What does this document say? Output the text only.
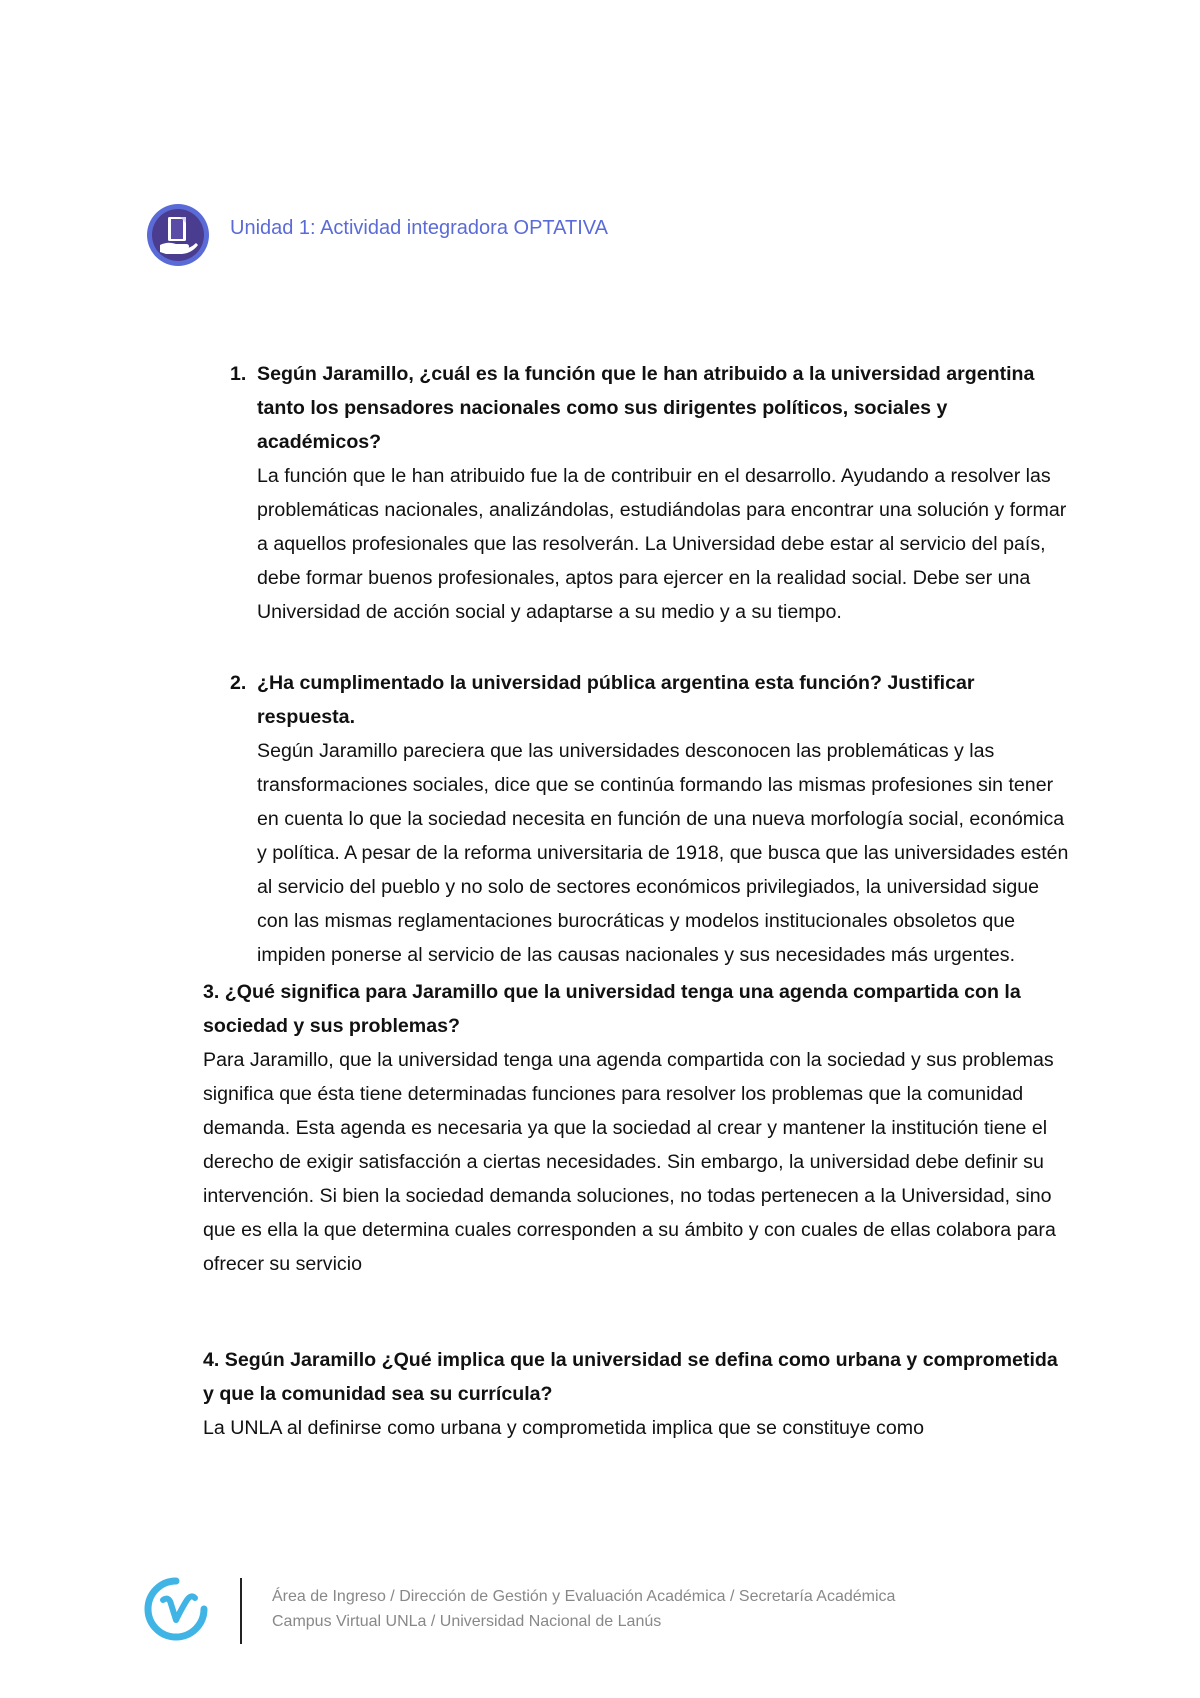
Unidad 1: Actividad integradora OPTATIVA
1. Según Jaramillo, ¿cuál es la función que le han atribuido a la universidad argentina tanto los pensadores nacionales como sus dirigentes políticos, sociales y académicos?

La función que le han atribuido fue la de contribuir en el desarrollo. Ayudando a resolver las problemáticas nacionales, analizándolas, estudiándolas para encontrar una solución y formar a aquellos profesionales que las resolverán. La Universidad debe estar al servicio del país, debe formar buenos profesionales, aptos para ejercer en la realidad social. Debe ser una Universidad de acción social y adaptarse a su medio y a su tiempo.

2. ¿Ha cumplimentado la universidad pública argentina esta función? Justificar respuesta.

Según Jaramillo pareciera que las universidades desconocen las problemáticas y las transformaciones sociales, dice que se continúa formando las mismas profesiones sin tener en cuenta lo que la sociedad necesita en función de una nueva morfología social, económica y política. A pesar de la reforma universitaria de 1918, que busca que las universidades estén al servicio del pueblo y no solo de sectores económicos privilegiados, la universidad sigue con las mismas reglamentaciones burocráticas y modelos institucionales obsoletos que impiden ponerse al servicio de las causas nacionales y sus necesidades más urgentes.

3. ¿Qué significa para Jaramillo que la universidad tenga una agenda compartida con la sociedad y sus problemas?

Para Jaramillo, que la universidad tenga una agenda compartida con la sociedad y sus problemas significa que ésta tiene determinadas funciones para resolver los problemas que la comunidad demanda. Esta agenda es necesaria ya que la sociedad al crear y mantener la institución tiene el derecho de exigir satisfacción a ciertas necesidades. Sin embargo, la universidad debe definir su intervención. Si bien la sociedad demanda soluciones, no todas pertenecen a la Universidad, sino que es ella la que determina cuales corresponden a su ámbito y con cuales de ellas colabora para ofrecer su servicio

4. Según Jaramillo ¿Qué implica que la universidad se defina como urbana y comprometida y que la comunidad sea su currícula?

La UNLA al definirse como urbana y comprometida implica que se constituye como

Área de Ingreso / Dirección de Gestión y Evaluación Académica / Secretaría Académica
Campus Virtual UNLa / Universidad Nacional de Lanús
